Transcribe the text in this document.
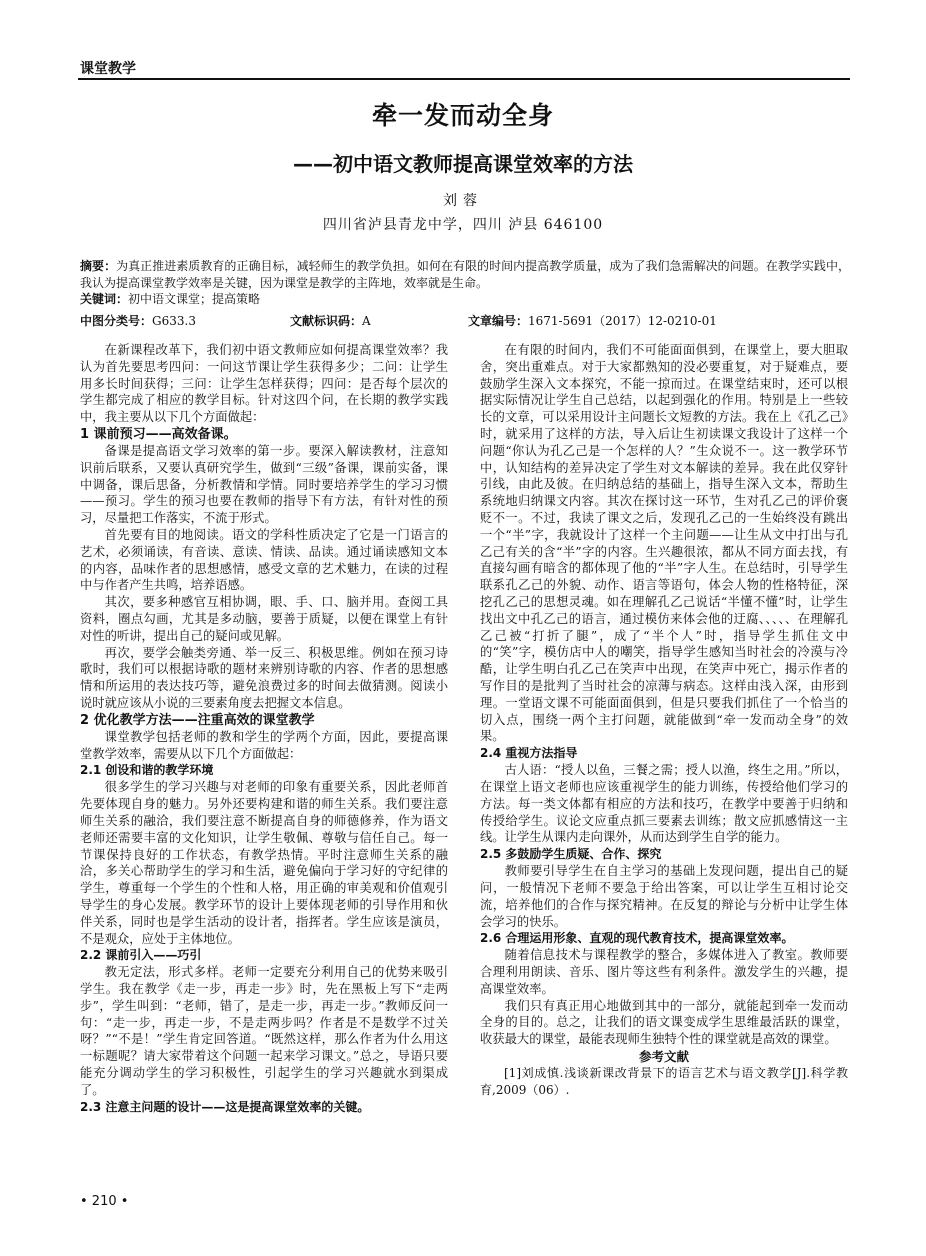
课堂教学
牵一发而动全身
——初中语文教师提高课堂效率的方法
刘蓉
四川省泸县青龙中学，四川 泸县 646100
摘要：为真正推进素质教育的正确目标，减轻师生的教学负担。如何在有限的时间内提高教学质量，成为了我们急需解决的问题。在教学实践中，我认为提高课堂教学效率是关键，因为课堂是教学的主阵地，效率就是生命。
关键词：初中语文课堂；提高策略
中图分类号：G633.3	文献标识码：A	文章编号：1671-5691（2017）12-0210-01

在新课程改革下，我们初中语文教师应如何提高课堂效率？我认为首先要思考四问：一问这节课让学生获得多少；二问：让学生用多长时间获得；三问：让学生怎样获得；四问：是否每个层次的学生都完成了相应的教学目标。针对这四个问，在长期的教学实践中，我主要从以下几个方面做起：

1 课前预习——高效备课。

备课是提高语文学习效率的第一步。要深入解读教材，注意知识前后联系，又要认真研究学生，做到“三级”备课，课前实备，课中调备，课后思备，分析教情和学情。同时要培养学生的学习习惯——预习。学生的预习也要在教师的指导下有方法，有针对性的预习，尽量把工作落实，不流于形式。

首先要有目的地阅读。语文的学科性质决定了它是一门语言的艺术，必须诵读，有音读、意读、情读、品读。通过诵读感知文本的内容，品味作者的思想感情，感受文章的艺术魅力，在读的过程中与作者产生共鸣，培养语感。

其次，要多种感官互相协调，眼、手、口、脑并用。查阅工具资料，圈点勾画，尤其是多动脑，要善于质疑，以便在课堂上有针对性的听讲，提出自己的疑问或见解。

再次，要学会触类旁通、举一反三、积极思维。例如在预习诗歌时，我们可以根据诗歌的题材来辨别诗歌的内容、作者的思想感情和所运用的表达技巧等，避免浪费过多的时间去做猜测。阅读小说时就应该从小说的三要素角度去把握文本信息。

2 优化教学方法——注重高效的课堂教学

课堂教学包括老师的教和学生的学两个方面，因此，要提高课堂教学效率，需要从以下几个方面做起：

2.1 创设和谐的教学环境

很多学生的学习兴趣与对老师的印象有重要关系，因此老师首先要体现自身的魅力。另外还要构建和谐的师生关系。我们要注意师生关系的融洽，我们要注意不断提高自身的师德修养，作为语文老师还需要丰富的文化知识，让学生敬佩、尊敬与信任自己。每一节课保持良好的工作状态，有教学热情。平时注意师生关系的融洽，多关心帮助学生的学习和生活，避免偏向于学习好的守纪律的学生，尊重每一个学生的个性和人格，用正确的审美观和价值观引导学生的身心发展。教学环节的设计上要体现老师的引导作用和伙伴关系，同时也是学生活动的设计者，指挥者。学生应该是演员，不是观众，应处于主体地位。

2.2 课前引入——巧引

教无定法，形式多样。老师一定要充分利用自己的优势来吸引学生。我在教学《走一步，再走一步》时，先在黑板上写下“走两步”，学生叫到：“老师，错了，是走一步，再走一步。”教师反问一句：“走一步，再走一步，不是走两步吗？作者是不是数学不过关呀？”“不是！”学生肯定回答道。“既然这样，那么作者为什么用这一标题呢？请大家带着这个问题一起来学习课文。”总之，导语只要能充分调动学生的学习积极性，引起学生的学习兴趣就水到渠成了。

2.3 注意主问题的设计——这是提高课堂效率的关键。

在有限的时间内，我们不可能面面俱到，在课堂上，要大胆取舍，突出重难点。对于大家都熟知的没必要重复，对于疑难点，要鼓励学生深入文本探究，不能一掠而过。在课堂结束时，还可以根据实际情况让学生自己总结，以起到强化的作用。特别是上一些较长的文章，可以采用设计主问题长文短教的方法。我在上《孔乙己》时，就采用了这样的方法，导入后让生初读课文我设计了这样一个问题“你认为孔乙己是一个怎样的人？”生众说不一。这一教学环节中，认知结构的差异决定了学生对文本解读的差异。我在此仅穿针引线，由此及彼。在归纳总结的基础上，指导生深入文本，帮助生系统地归纳课文内容。其次在探讨这一环节，生对孔乙己的评价褒贬不一。不过，我读了课文之后，发现孔乙己的一生始终没有跳出一个“半”字，我就设计了这样一个主问题——让生从文中打出与孔乙己有关的含“半”字的内容。生兴趣很浓，都从不同方面去找，有直接勾画有暗含的都体现了他的“半”字人生。在总结时，引导学生联系孔乙己的外貌、动作、语言等语句，体会人物的性格特征，深挖孔乙己的思想灵魂。如在理解孔乙己说话“半懂不懂”时，让学生找出文中孔乙己的语言，通过模仿来体会他的迂腐、、、、、在理解孔乙己被“打折了腿”，成了“半个人”时，指导学生抓住文中的“笑”字，模仿店中人的嘲笑，指导学生感知当时社会的冷漠与冷酷，让学生明白孔乙己在笑声中出现，在笑声中死亡，揭示作者的写作目的是批判了当时社会的凉薄与病态。这样由浅入深，由形到理。一堂语文课不可能面面俱到，但是只要我们抓住了一个恰当的切入点，围绕一两个主打问题，就能做到“牵一发而动全身”的效果。

2.4 重视方法指导

古人语：“授人以鱼，三餐之需；授人以渔，终生之用。”所以，在课堂上语文老师也应该重视学生的能力训练，传授给他们学习的方法。每一类文体都有相应的方法和技巧，在教学中要善于归纳和传授给学生。议论文应重点抓三要素去训练；散文应抓感情这一主线。让学生从课内走向课外，从而达到学生自学的能力。

2.5 多鼓励学生质疑、合作、探究

教师要引导学生在自主学习的基础上发现问题，提出自己的疑问，一般情况下老师不要急于给出答案，可以让学生互相讨论交流，培养他们的合作与探究精神。在反复的辩论与分析中让学生体会学习的快乐。

2.6 合理运用形象、直观的现代教育技术，提高课堂效率。

随着信息技术与课程教学的整合，多媒体进入了教室。教师要合理利用朗读、音乐、图片等这些有利条件。激发学生的兴趣，提高课堂效率。

我们只有真正用心地做到其中的一部分，就能起到牵一发而动全身的目的。总之，让我们的语文课变成学生思维最活跃的课堂，收获最大的课堂，最能表现师生独特个性的课堂就是高效的课堂。

参考文献

[1]刘成慎.浅谈新课改背景下的语言艺术与语文教学[J].科学教育,2009（06）.

• 210 •
